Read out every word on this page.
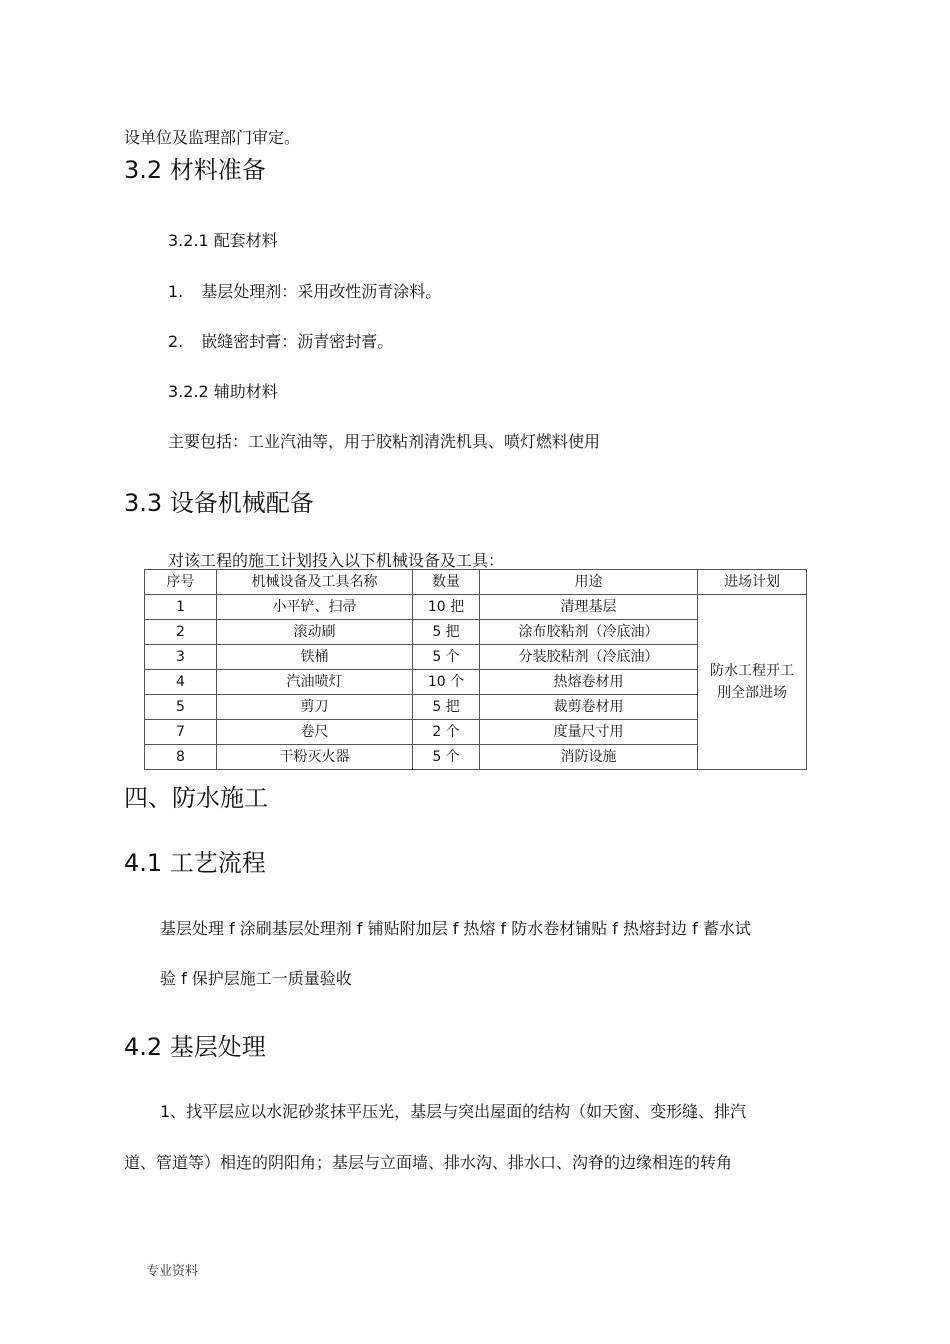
设单位及监理部门审定。

3.2 材料准备

3.2.1 配套材料

1. 基层处理剂：采用改性沥青涂料。

2. 嵌缝密封膏：沥青密封膏。

3.2.2 辅助材料

主要包括：工业汽油等，用于胶粘剂清洗机具、喷灯燃料使用

3.3 设备机械配备

对该工程的施工计划投入以下机械设备及工具：

序号	机械设备及工具名称	数量	用途	进场计划
1	小平铲、扫帚	10 把	清理基层	防水工程开工
刖全部进场

2	滚动刷	5 把	涂布胶粘剂（冷底油）	
3	铁桶	5 个	分装胶粘剂（冷底油）	
4	汽油喷灯	10 个	热熔卷材用	
5	剪刀	5 把	裁剪卷材用	
7	卷尺	2 个	度量尺寸用	
8	干粉灭火器	5 个	消防设施	
四、防水施工
4.1 工艺流程

基层处理 f 涂刷基层处理剂 f 铺贴附加层 f 热熔 f 防水卷材铺贴 f 热熔封边 f 蓄水试

验 f 保护层施工一质量验收

4.2 基层处理

1、找平层应以水泥砂浆抹平压光，基层与突出屋面的结构（如天窗、变形缝、排汽

道、管道等）相连的阴阳角；基层与立面墙、排水沟、排水口、沟脊的边缘相连的转角

专业资料
